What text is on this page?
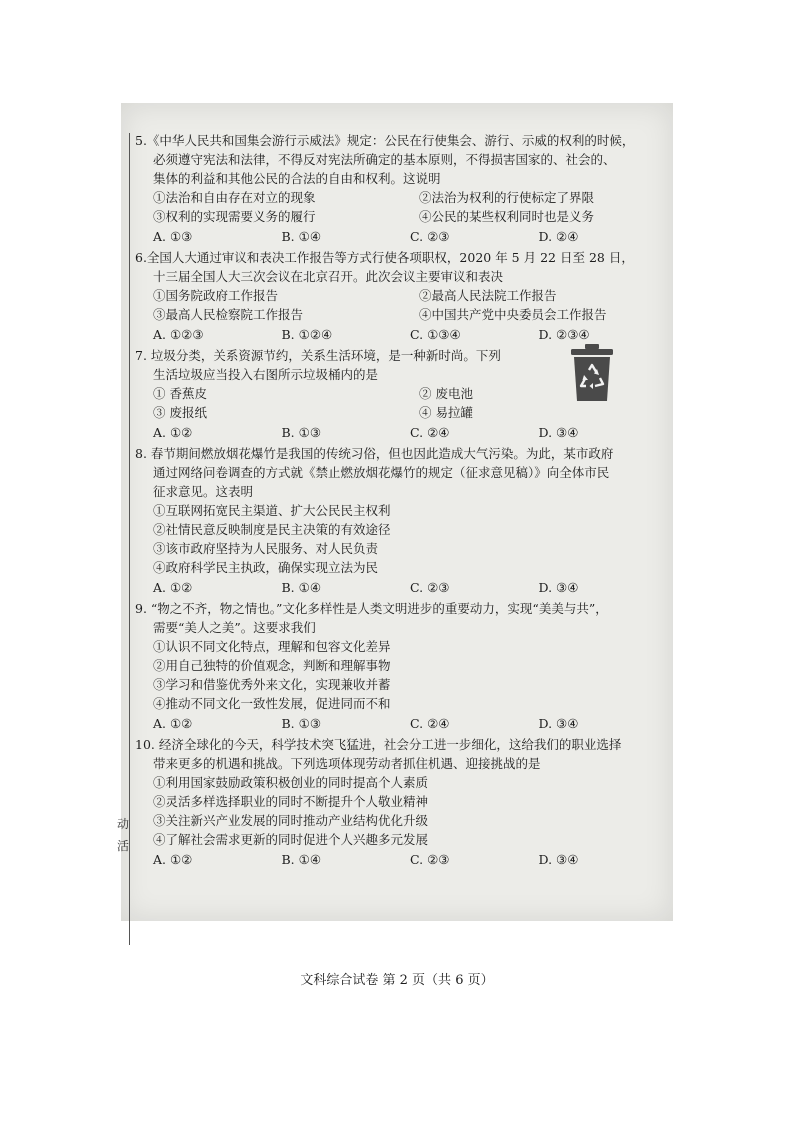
动
活
5.《中华人民共和国集会游行示威法》规定：公民在行使集会、游行、示威的权利的时候，
必须遵守宪法和法律，不得反对宪法所确定的基本原则，不得损害国家的、社会的、
集体的利益和其他公民的合法的自由和权利。这说明
①法治和自由存在对立的现象	②法治为权利的行使标定了界限
③权利的实现需要义务的履行	④公民的某些权利同时也是义务
A. ①③	B. ①④	C. ②③	D. ②④
6.全国人大通过审议和表决工作报告等方式行使各项职权，2020 年 5 月 22 日至 28 日，
十三届全国人大三次会议在北京召开。此次会议主要审议和表决
①国务院政府工作报告	②最高人民法院工作报告
③最高人民检察院工作报告	④中国共产党中央委员会工作报告
A. ①②③	B. ①②④	C. ①③④	D. ②③④
7. 垃圾分类，关系资源节约，关系生活环境，是一种新时尚。下列
生活垃圾应当投入右图所示垃圾桶内的是
① 香蕉皮	② 废电池
③ 废报纸	④ 易拉罐
A. ①②	B. ①③	C. ②④	D. ③④
8. 春节期间燃放烟花爆竹是我国的传统习俗，但也因此造成大气污染。为此，某市政府
通过网络问卷调查的方式就《禁止燃放烟花爆竹的规定（征求意见稿）》向全体市民
征求意见。这表明
①互联网拓宽民主渠道、扩大公民民主权利
②社情民意反映制度是民主决策的有效途径
③该市政府坚持为人民服务、对人民负责
④政府科学民主执政，确保实现立法为民
A. ①②	B. ①④	C. ②③	D. ③④
9. “物之不齐，物之情也。”文化多样性是人类文明进步的重要动力，实现“美美与共”，
需要“美人之美”。这要求我们
①认识不同文化特点，理解和包容文化差异
②用自己独特的价值观念，判断和理解事物
③学习和借鉴优秀外来文化，实现兼收并蓄
④推动不同文化一致性发展，促进同而不和
A. ①②	B. ①③	C. ②④	D. ③④
10. 经济全球化的今天，科学技术突飞猛进，社会分工进一步细化，这给我们的职业选择
带来更多的机遇和挑战。下列选项体现劳动者抓住机遇、迎接挑战的是
①利用国家鼓励政策积极创业的同时提高个人素质
②灵活多样选择职业的同时不断提升个人敬业精神
③关注新兴产业发展的同时推动产业结构优化升级
④了解社会需求更新的同时促进个人兴趣多元发展
A. ①②	B. ①④	C. ②③	D. ③④
文科综合试卷 第 2 页（共 6 页）
